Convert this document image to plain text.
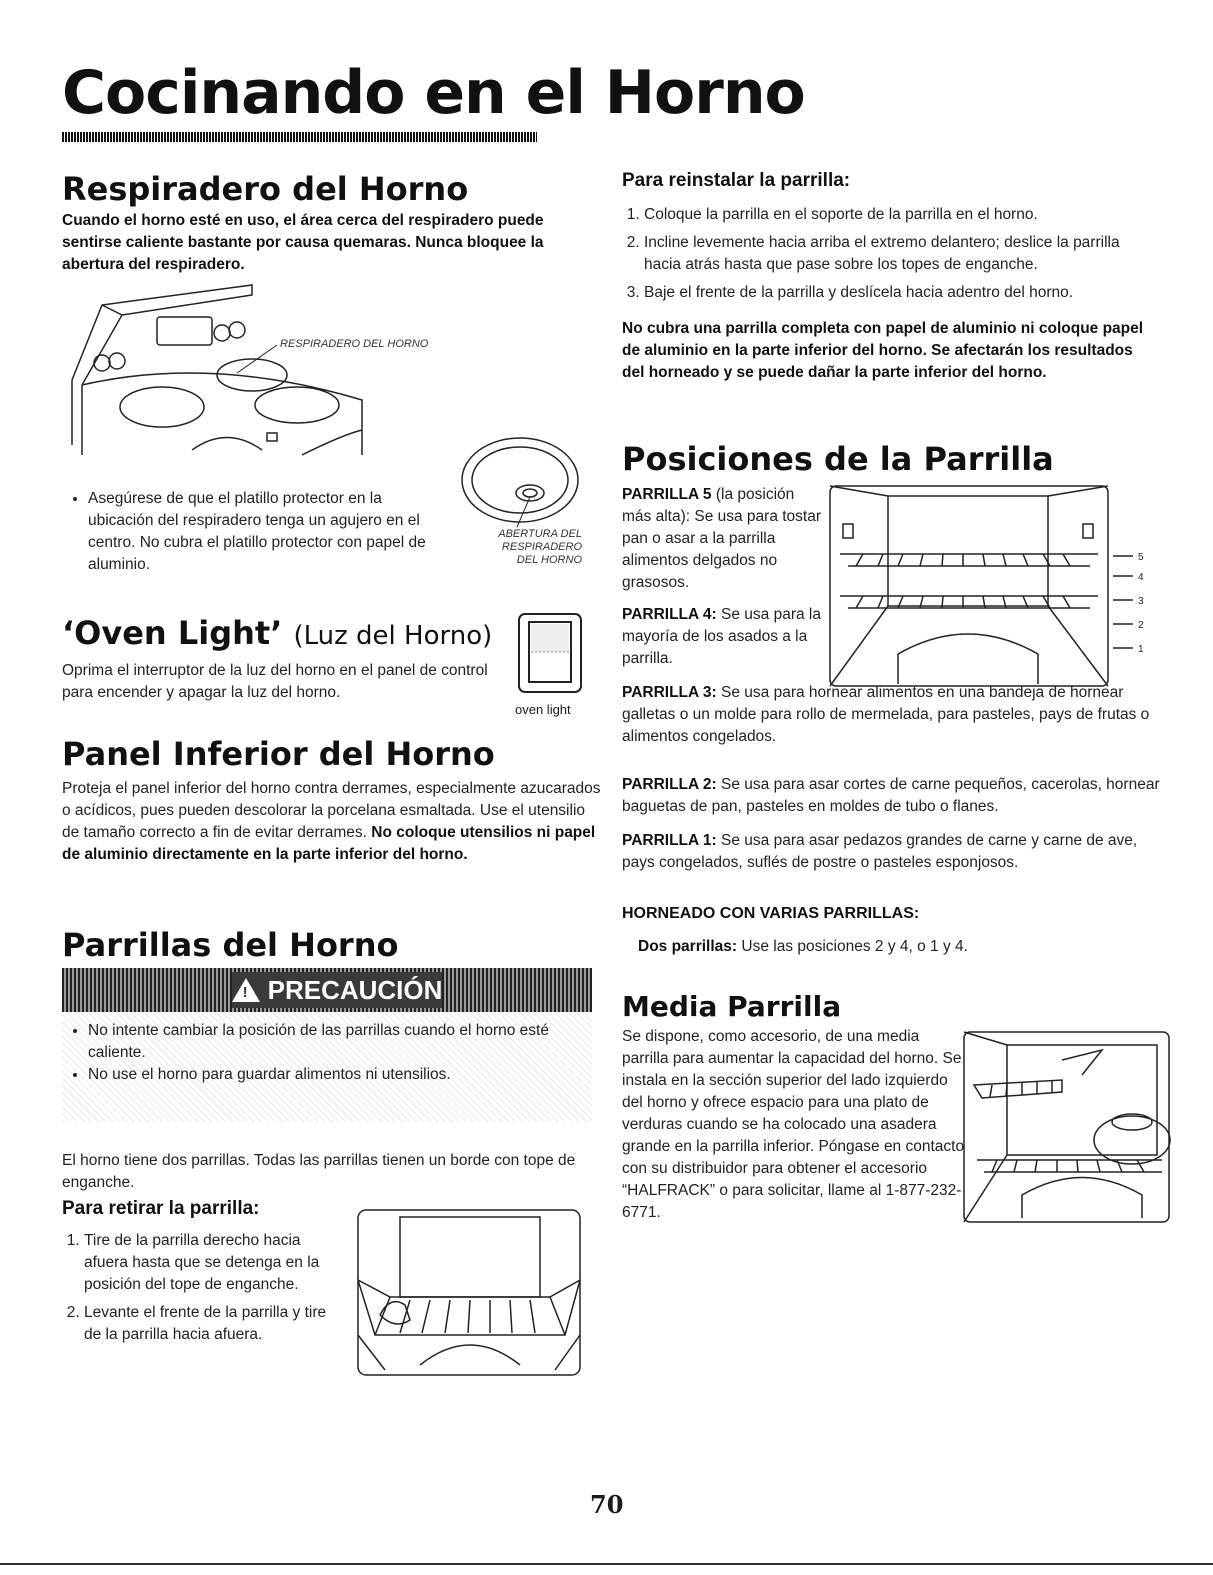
Cocinando en el Horno
Respiradero del Horno
Cuando el horno esté en uso, el área cerca del respiradero puede sentirse caliente bastante por causa quemaras. Nunca bloquee la abertura del respiradero.
RESPIRADERO DEL HORNO
• Asegúrese de que el platillo protector en la ubicación del respiradero tenga un agujero en el centro. No cubra el platillo protector con papel de aluminio.
ABERTURA DEL
RESPIRADERO
DEL HORNO
‘Oven Light’ (Luz del Horno)
Oprima el interruptor de la luz del horno en el panel de control para encender y apagar la luz del horno.
oven light
Panel Inferior del Horno
Proteja el panel inferior del horno contra derrames, especialmente azucarados o acídicos, pues pueden descolorar la porcelana esmaltada. Use el utensilio de tamaño correcto a fin de evitar derrames. No coloque utensilios ni papel de aluminio directamente en la parte inferior del horno.
Parrillas del Horno
! PRECAUCIÓN
• No intente cambiar la posición de las parrillas cuando el horno esté caliente.
• No use el horno para guardar alimentos ni utensilios.
El horno tiene dos parrillas. Todas las parrillas tienen un borde con tope de enganche.
Para retirar la parrilla:
1. Tire de la parrilla derecho hacia afuera hasta que se detenga en la posición del tope de enganche.
2. Levante el frente de la parrilla y tire de la parrilla hacia afuera.
Para reinstalar la parrilla:
1. Coloque la parrilla en el soporte de la parrilla en el horno.
2. Incline levemente hacia arriba el extremo delantero; deslice la parrilla hacia atrás hasta que pase sobre los topes de enganche.
3. Baje el frente de la parrilla y deslícela hacia adentro del horno.
No cubra una parrilla completa con papel de aluminio ni coloque papel de aluminio en la parte inferior del horno. Se afectarán los resultados del horneado y se puede dañar la parte inferior del horno.
Posiciones de la Parrilla
PARRILLA 5 (la posición más alta): Se usa para tostar pan o asar a la parrilla alimentos delgados no grasosos.
PARRILLA 4: Se usa para la mayoría de los asados a la parrilla.
PARRILLA 3: Se usa para hornear alimentos en una bandeja de hornear galletas o un molde para rollo de mermelada, para pasteles, pays de frutas o alimentos congelados.
PARRILLA 2: Se usa para asar cortes de carne pequeños, cacerolas, hornear baguetas de pan, pasteles en moldes de tubo o flanes.
PARRILLA 1: Se usa para asar pedazos grandes de carne y carne de ave, pays congelados, suflés de postre o pasteles esponjosos.
5
4
3
2
1
HORNEADO CON VARIAS PARRILLAS:
Dos parrillas: Use las posiciones 2 y 4, o 1 y 4.
Media Parrilla
Se dispone, como accesorio, de una media parrilla para aumentar la capacidad del horno. Se instala en la sección superior del lado izquierdo del horno y ofrece espacio para una plato de verduras cuando se ha colocado una asadera grande en la parrilla inferior. Póngase en contacto con su distribuidor para obtener el accesorio “HALFRACK” o para solicitar, llame al 1-877-232-6771.
70
